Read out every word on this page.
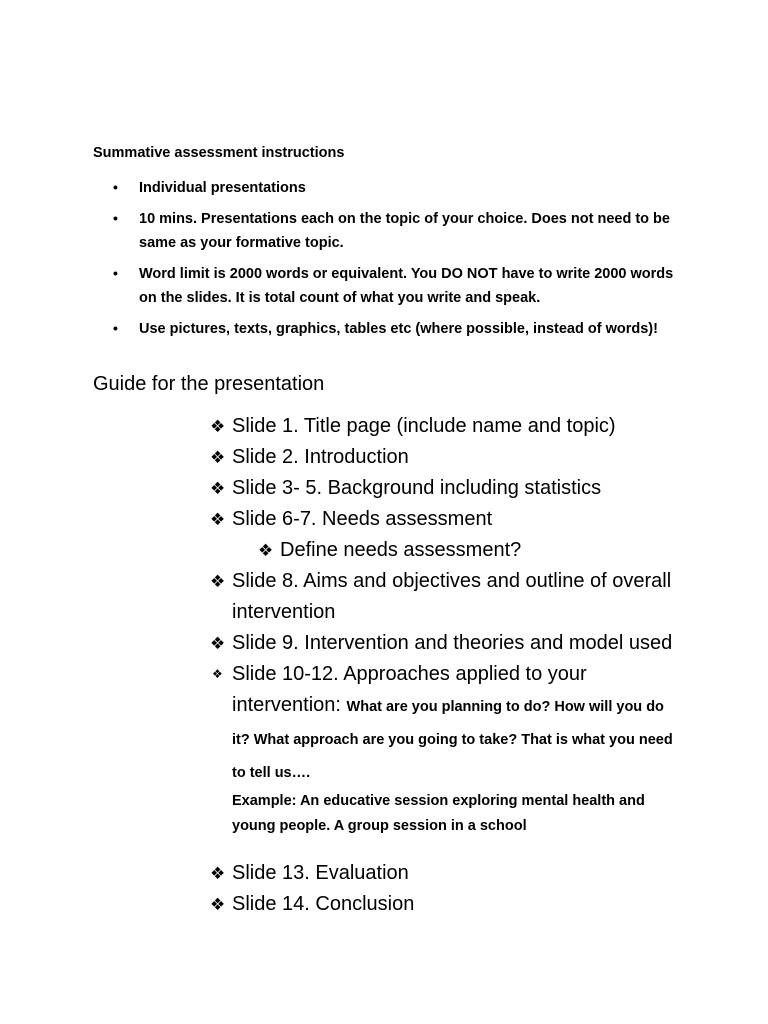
Summative assessment instructions
• Individual presentations
• 10 mins. Presentations each on the topic of your choice. Does not need to be same as your formative topic.
• Word limit is 2000 words or equivalent. You DO NOT have to write 2000 words on the slides. It is total count of what you write and speak.
• Use pictures, texts, graphics, tables etc (where possible, instead of words)!
Guide for the presentation
❖ Slide 1. Title page (include name and topic)
❖ Slide 2. Introduction
❖ Slide 3- 5. Background including statistics
❖ Slide 6-7. Needs assessment
❖ Define needs assessment?
❖ Slide 8. Aims and objectives and outline of overall intervention
❖ Slide 9. Intervention and theories and model used
❖ Slide 10-12. Approaches applied to your intervention: What are you planning to do? How will you do it? What approach are you going to take? That is what you need to tell us….
Example: An educative session exploring mental health and young people. A group session in a school
❖ Slide 13. Evaluation
❖ Slide 14. Conclusion
